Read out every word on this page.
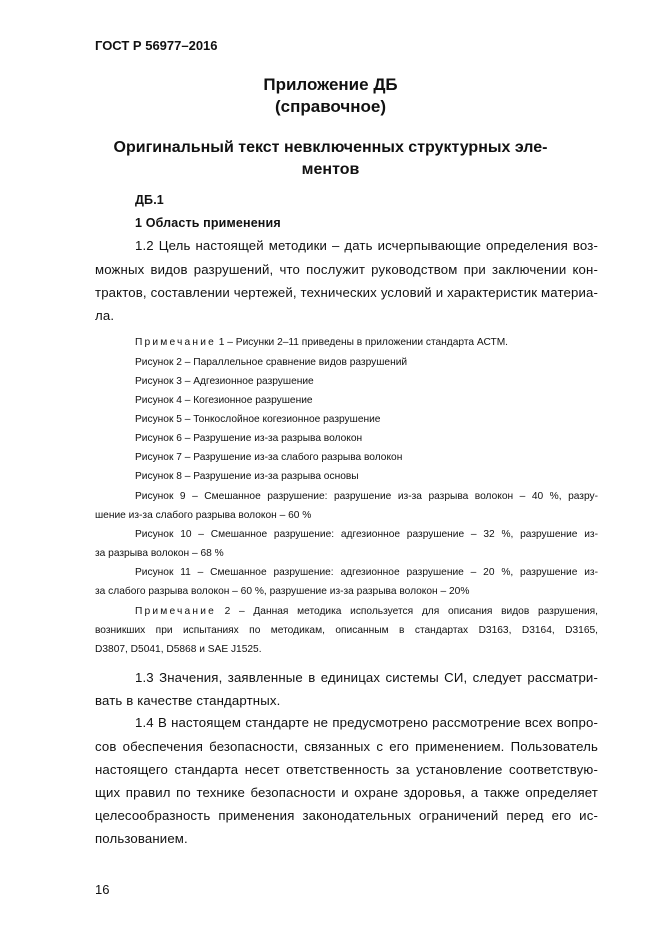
ГОСТ Р 56977–2016
Приложение ДБ
(справочное)
Оригинальный текст невключенных структурных эле-
ментов
ДБ.1
1 Область применения
1.2 Цель настоящей методики – дать исчерпывающие определения воз-
можных видов разрушений, что послужит руководством при заключении кон-
трактов, составлении чертежей, технических условий и характеристик материа-
ла.
Примечание 1 – Рисунки 2–11 приведены в приложении стандарта АСТМ.
Рисунок 2 – Параллельное сравнение видов разрушений
Рисунок 3 – Адгезионное разрушение
Рисунок 4 – Когезионное разрушение
Рисунок 5 – Тонкослойное когезионное разрушение
Рисунок 6 – Разрушение из-за разрыва волокон
Рисунок 7 – Разрушение из-за слабого разрыва волокон
Рисунок 8 – Разрушение из-за разрыва основы
Рисунок 9 – Смешанное разрушение: разрушение из-за разрыва волокон – 40 %, разру-
шение из-за слабого разрыва волокон – 60 %
Рисунок 10 – Смешанное разрушение: адгезионное разрушение – 32 %, разрушение из-
за разрыва волокон – 68 %
Рисунок 11 – Смешанное разрушение: адгезионное разрушение – 20 %, разрушение из-
за слабого разрыва волокон – 60 %, разрушение из-за разрыва волокон – 20%
Примечание 2 – Данная методика используется для описания видов разрушения,
возникших при испытаниях по методикам, описанным в стандартах D3163, D3164, D3165,
D3807, D5041, D5868 и SAE J1525.
1.3 Значения, заявленные в единицах системы СИ, следует рассматри-
вать в качестве стандартных.
1.4 В настоящем стандарте не предусмотрено рассмотрение всех вопро-
сов обеспечения безопасности, связанных с его применением. Пользователь
настоящего стандарта несет ответственность за установление соответствую-
щих правил по технике безопасности и охране здоровья, а также определяет
целесообразность применения законодательных ограничений перед его ис-
пользованием.
16
